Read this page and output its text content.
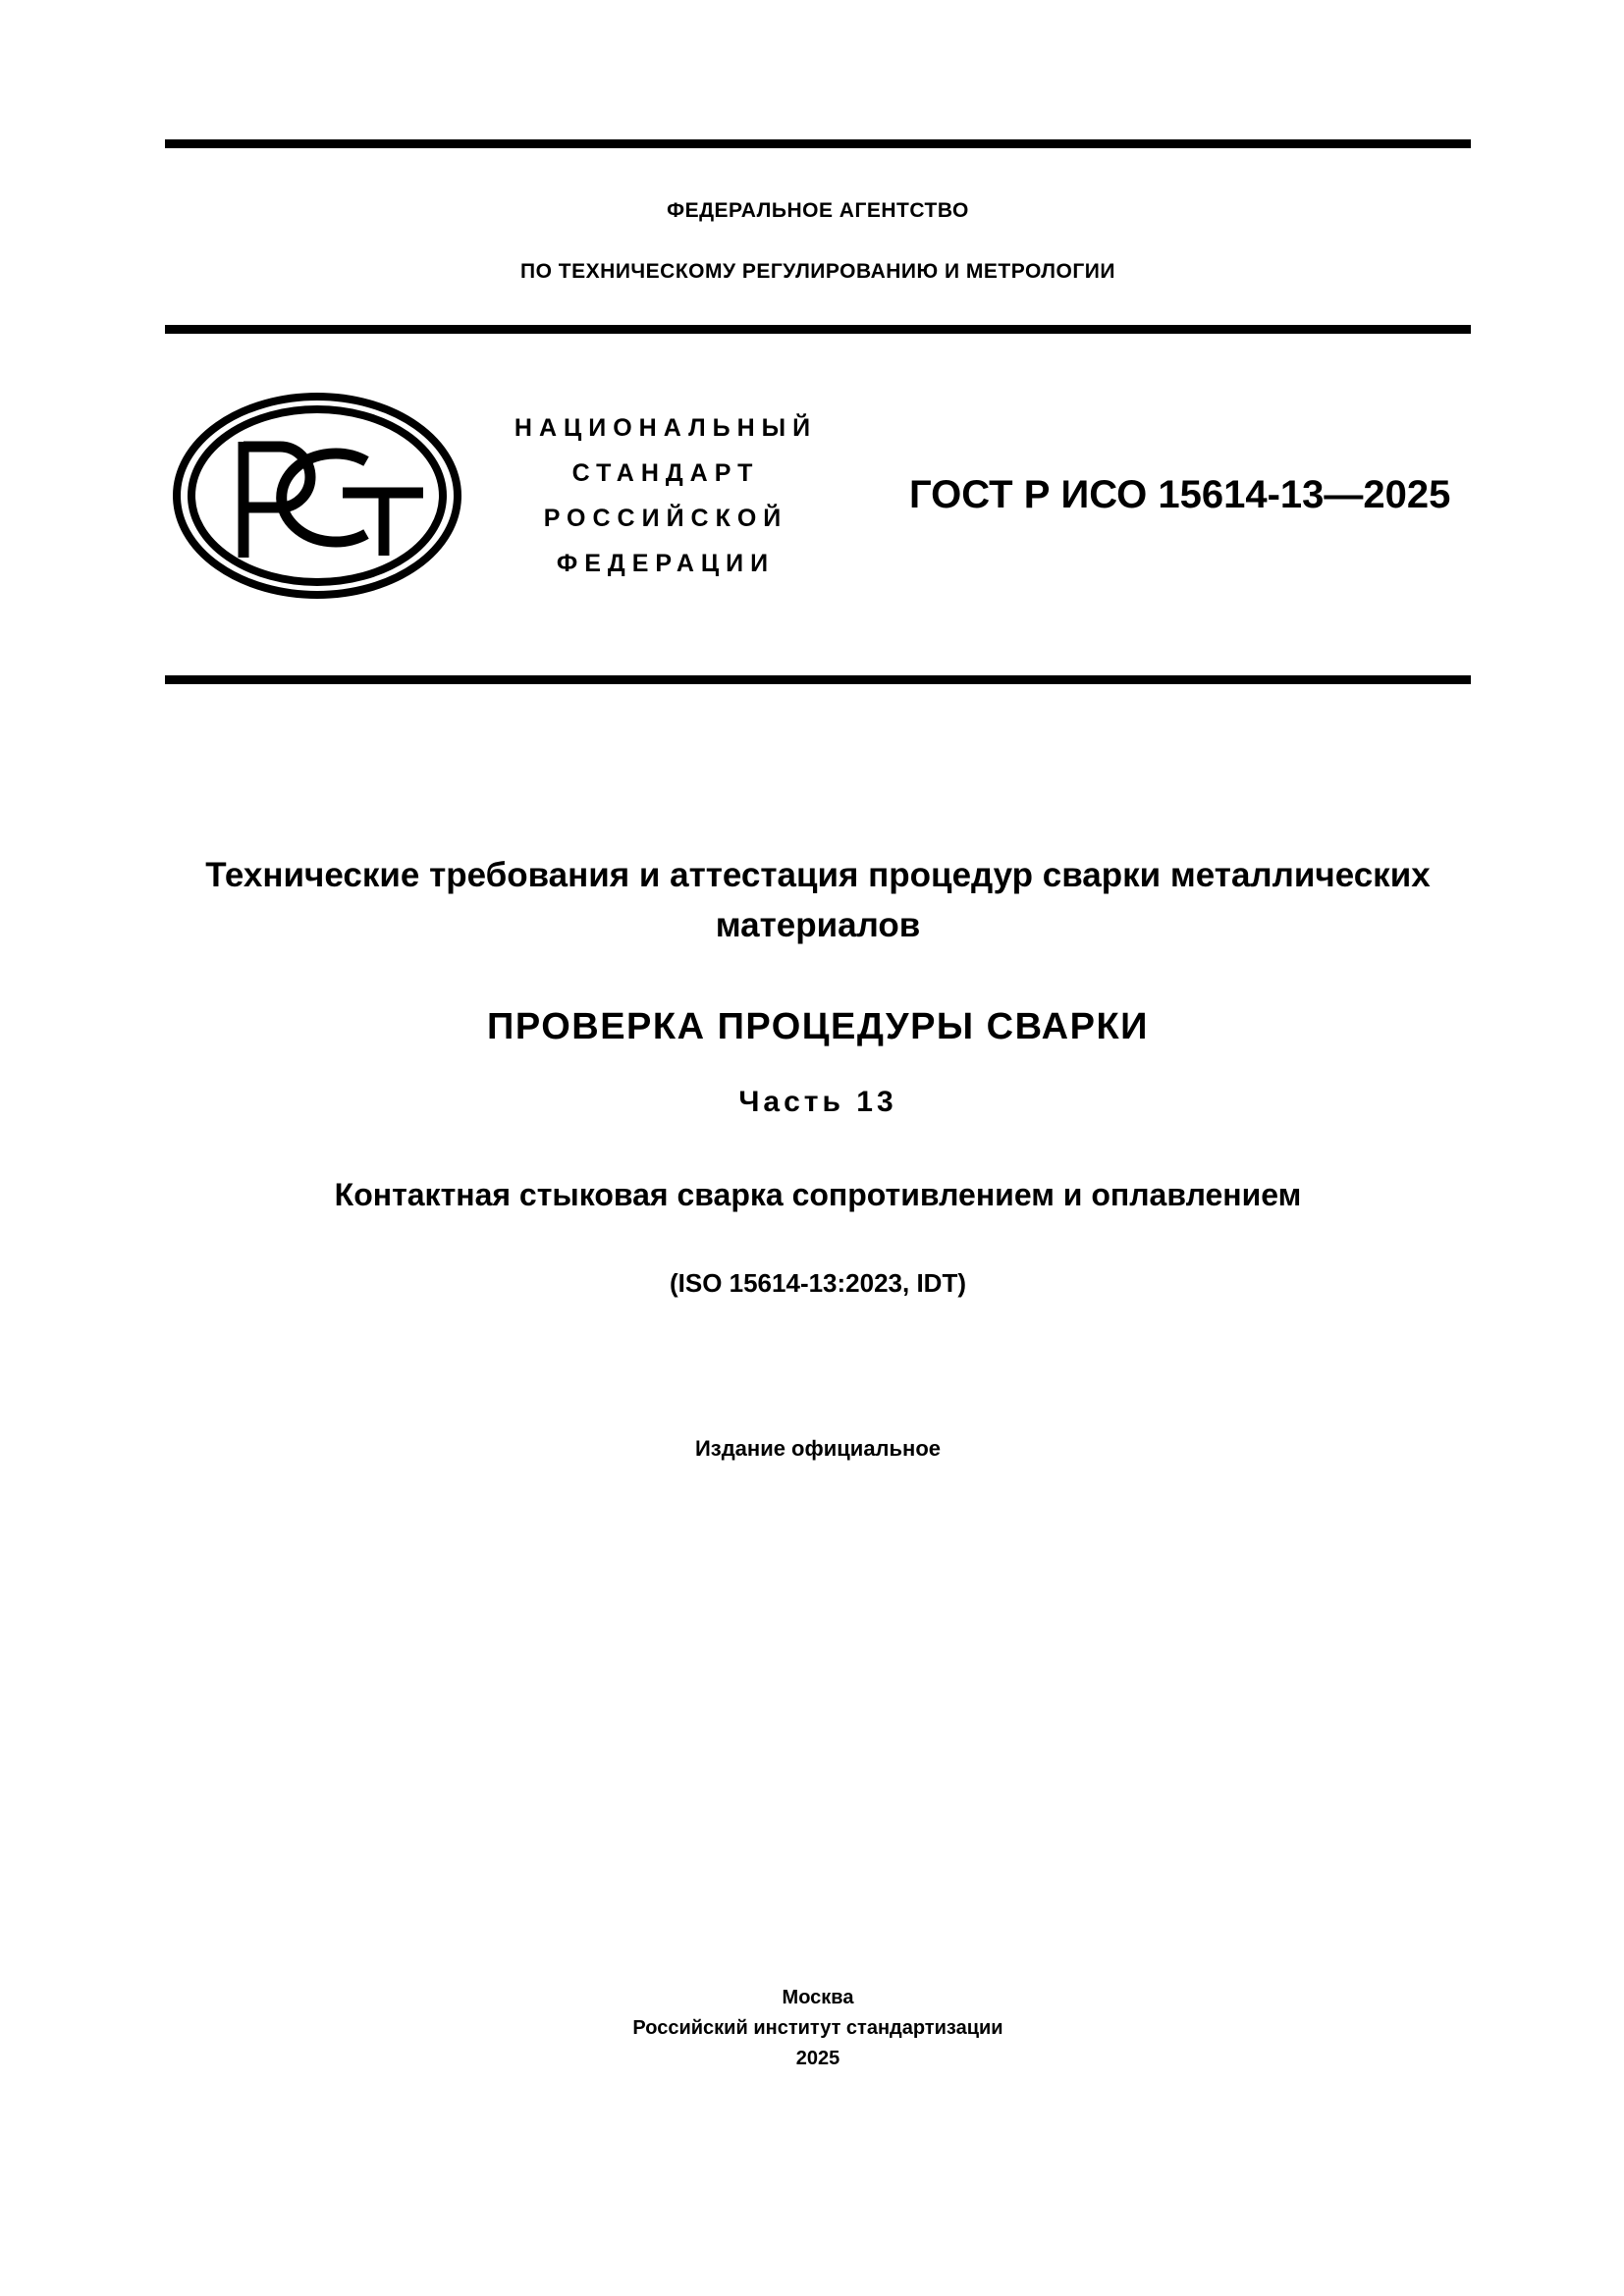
ФЕДЕРАЛЬНОЕ АГЕНТСТВО
ПО ТЕХНИЧЕСКОМУ РЕГУЛИРОВАНИЮ И МЕТРОЛОГИИ
НАЦИОНАЛЬНЫЙ
СТАНДАРТ
РОССИЙСКОЙ
ФЕДЕРАЦИИ
ГОСТ Р ИСО 15614-13—2025
Технические требования и аттестация процедур сварки металлических материалов
ПРОВЕРКА ПРОЦЕДУРЫ СВАРКИ
Часть 13
Контактная стыковая сварка сопротивлением и оплавлением
(ISO 15614-13:2023, IDT)
Издание официальное
Москва
Российский институт стандартизации
2025
